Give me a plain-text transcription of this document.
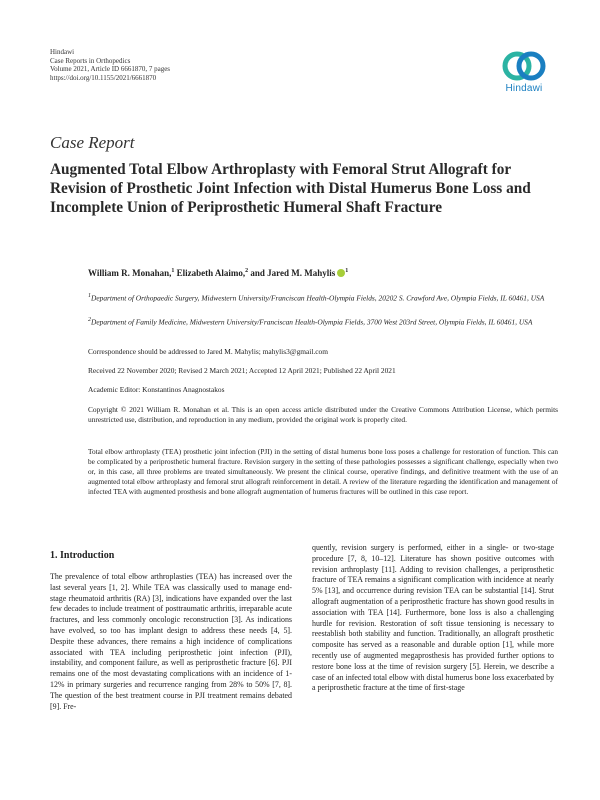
Hindawi
Case Reports in Orthopedics
Volume 2021, Article ID 6661870, 7 pages
https://doi.org/10.1155/2021/6661870
Hindawi
Case Report
Augmented Total Elbow Arthroplasty with Femoral Strut Allograft for Revision of Prosthetic Joint Infection with Distal Humerus Bone Loss and Incomplete Union of Periprosthetic Humeral Shaft Fracture
William R. Monahan,$^1$ Elizabeth Alaimo,$^2$ and Jared M. Mahylis $^1$
$^1$Department of Orthopaedic Surgery, Midwestern University/Franciscan Health-Olympia Fields, 20202 S. Crawford Ave, Olympia Fields, IL 60461, USA
$^2$Department of Family Medicine, Midwestern University/Franciscan Health-Olympia Fields, 3700 West 203rd Street, Olympia Fields, IL 60461, USA
Correspondence should be addressed to Jared M. Mahylis; mahylis3@gmail.com
Received 22 November 2020; Revised 2 March 2021; Accepted 12 April 2021; Published 22 April 2021
Academic Editor: Konstantinos Anagnostakos
Copyright © 2021 William R. Monahan et al. This is an open access article distributed under the Creative Commons Attribution License, which permits unrestricted use, distribution, and reproduction in any medium, provided the original work is properly cited.
Total elbow arthroplasty (TEA) prosthetic joint infection (PJI) in the setting of distal humerus bone loss poses a challenge for restoration of function. This can be complicated by a periprosthetic humeral fracture. Revision surgery in the setting of these pathologies possesses a significant challenge, especially when two or, in this case, all three problems are treated simultaneously. We present the clinical course, operative findings, and definitive treatment with the use of an augmented total elbow arthroplasty and femoral strut allograft reinforcement in detail. A review of the literature regarding the identification and management of infected TEA with augmented prosthesis and bone allograft augmentation of humerus fractures will be outlined in this case report.
1. Introduction
The prevalence of total elbow arthroplasties (TEA) has increased over the last several years [1, 2]. While TEA was classically used to manage end-stage rheumatoid arthritis (RA) [3], indications have expanded over the last few decades to include treatment of posttraumatic arthritis, irreparable acute fractures, and less commonly oncologic reconstruction [3]. As indications have evolved, so too has implant design to address these needs [4, 5]. Despite these advances, there remains a high incidence of complications associated with TEA including periprosthetic joint infection (PJI), instability, and component failure, as well as periprosthetic fracture [6]. PJI remains one of the most devastating complications with an incidence of 1-12% in primary surgeries and recurrence ranging from 28% to 50% [7, 8]. The question of the best treatment course in PJI treatment remains debated [9]. Fre-
quently, revision surgery is performed, either in a single- or two-stage procedure [7, 8, 10–12]. Literature has shown positive outcomes with revision arthroplasty [11]. Adding to revision challenges, a periprosthetic fracture of TEA remains a significant complication with incidence at nearly 5% [13], and occurrence during revision TEA can be substantial [14]. Strut allograft augmentation of a periprosthetic fracture has shown good results in association with TEA [14]. Furthermore, bone loss is also a challenging hurdle for revision. Restoration of soft tissue tensioning is necessary to reestablish both stability and function. Traditionally, an allograft prosthetic composite has served as a reasonable and durable option [1], while more recently use of augmented megaprosthesis has provided further options to restore bone loss at the time of revision surgery [5]. Herein, we describe a case of an infected total elbow with distal humerus bone loss exacerbated by a periprosthetic fracture at the time of first-stage
